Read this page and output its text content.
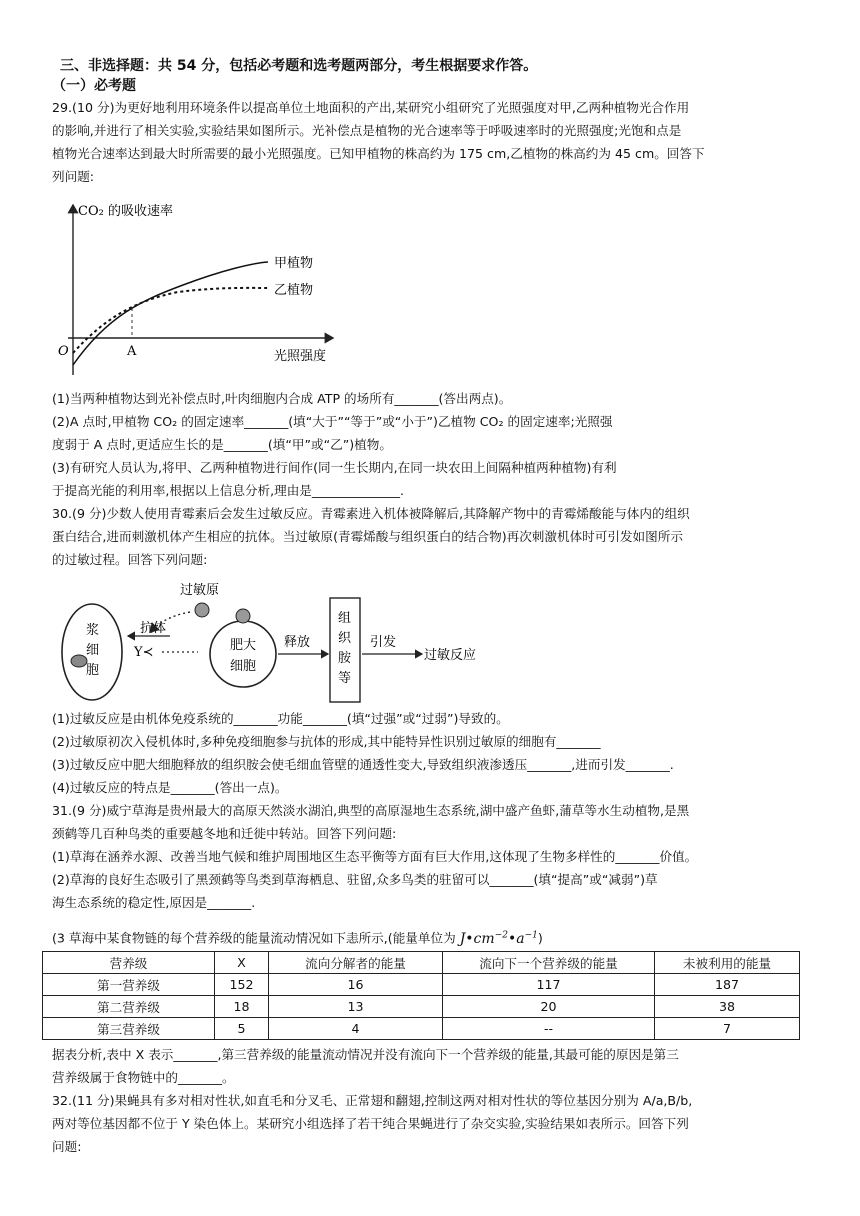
三、非选择题：共 54 分，包括必考题和选考题两部分，考生根据要求作答。
（一）必考题
29.(10 分)为更好地利用环境条件以提高单位土地面积的产出,某研究小组研究了光照强度对甲,乙两种植物光合作用
的影响,并进行了相关实验,实验结果如图所示。光补偿点是植物的光合速率等于呼吸速率时的光照强度;光饱和点是
植物光合速率达到最大时所需要的最小光照强度。已知甲植物的株高约为 175 cm,乙植物的株高约为 45 cm。回答下
列问题:
CO₂ 的吸收速率
光照强度
O	A
甲植物
乙植物
(1)当两种植物达到光补偿点时,叶肉细胞内合成 ATP 的场所有_______(答出两点)。
(2)A 点时,甲植物 CO₂ 的固定速率_______(填“大于”“等于”或“小于”)乙植物 CO₂ 的固定速率;光照强
度弱于 A 点时,更适应生长的是_______(填“甲”或“乙”)植物。
(3)有研究人员认为,将甲、乙两种植物进行间作(同一生长期内,在同一块农田上间隔种植两种植物)有利
于提高光能的利用率,根据以上信息分析,理由是______________.
30.(9 分)少数人使用青霉素后会发生过敏反应。青霉素进入机体被降解后,其降解产物中的青霉烯酸能与体内的组织
蛋白结合,进而刺激机体产生相应的抗体。当过敏原(青霉烯酸与组织蛋白的结合物)再次刺激机体时可引发如图所示
的过敏过程。回答下列问题:
浆
细
胞
抗体
Y≺
过敏原
肥大
细胞
释放
组
织
胺
等
引发
过敏反应
(1)过敏反应是由机体免疫系统的_______功能_______(填“过强”或“过弱”)导致的。
(2)过敏原初次入侵机体时,多种免疫细胞参与抗体的形成,其中能特异性识别过敏原的细胞有_______
(3)过敏反应中肥大细胞释放的组织胺会使毛细血管壁的通透性变大,导致组织液渗透压_______,进而引发_______.
(4)过敏反应的特点是_______(答出一点)。
31.(9 分)威宁草海是贵州最大的高原天然淡水湖泊,典型的高原湿地生态系统,湖中盛产鱼虾,蒲草等水生动植物,是黑
颈鹤等几百种鸟类的重要越冬地和迁徙中转站。回答下列问题:
(1)草海在涵养水源、改善当地气候和维护周围地区生态平衡等方面有巨大作用,这体现了生物多样性的_______价值。
(2)草海的良好生态吸引了黑颈鹤等鸟类到草海栖息、驻留,众多鸟类的驻留可以_______(填“提高”或“减弱”)草
海生态系统的稳定性,原因是_______.
(3 草海中某食物链的每个营养级的能量流动情况如下恚所示,(能量单位为 $J•cm^{-2}•a^{-1}$)
营养级	X	流向分解者的能量	流向下一个营养级的能量	未被利用的能量
第一营养级	152	16	117	187
第二营养级	18	13	20	38
第三营养级	5	4	--	7
据表分析,表中 X 表示_______,第三营养级的能量流动情况并没有流向下一个营养级的能量,其最可能的原因是第三
营养级属于食物链中的_______。
32.(11 分)果蝇具有多对相对性状,如直毛和分叉毛、正常翅和翻翅,控制这两对相对性状的等位基因分别为 A/a,B/b,
两对等位基因都不位于 Y 染色体上。某研究小组选择了若干纯合果蝇进行了杂交实验,实验结果如表所示。回答下列
问题:
